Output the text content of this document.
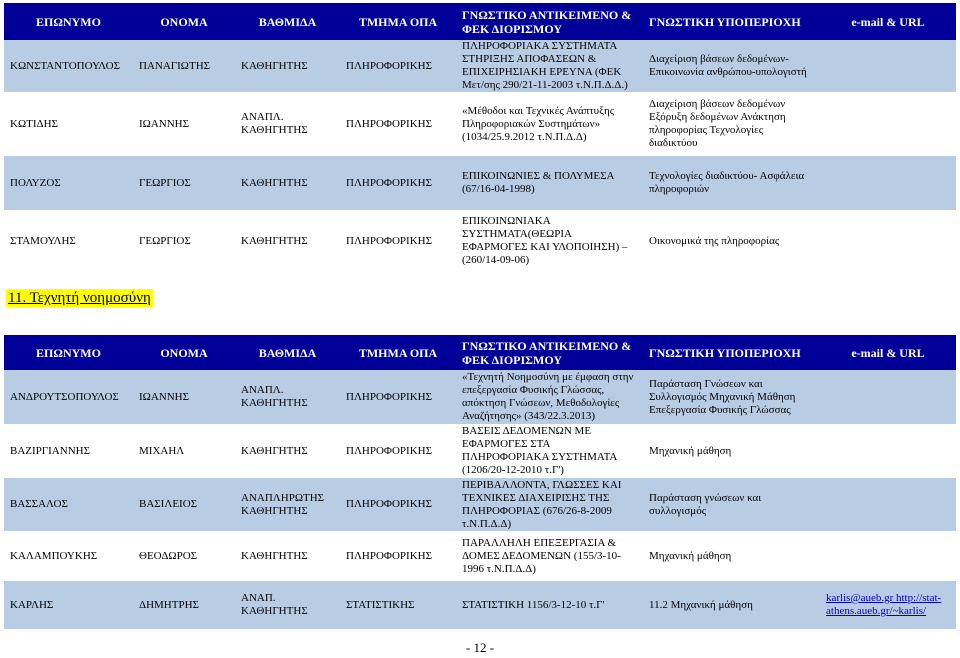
ΕΠΩΝΥΜΟ	ΟΝΟΜΑ	ΒΑΘΜΙΔΑ	ΤΜΗΜΑ ΟΠΑ	ΓΝΩΣΤΙΚΟ ΑΝΤΙΚΕΙΜΕΝΟ & ΦΕΚ ΔΙΟΡΙΣΜΟΥ	ΓΝΩΣΤΙΚΗ ΥΠΟΠΕΡΙΟΧΗ	e-mail & URL
ΚΩΝΣΤΑΝΤΟΠΟΥΛΟΣ	ΠΑΝΑΓΙΩΤΗΣ	ΚΑΘΗΓΗΤΗΣ	ΠΛΗΡΟΦΟΡΙΚΗΣ	ΠΛΗΡΟΦΟΡΙΑΚΑ ΣΥΣΤΗΜΑΤΑ ΣΤΗΡΙΞΗΣ ΑΠΟΦΑΣΕΩΝ & ΕΠΙΧΕΙΡΗΣΙΑΚΗ ΕΡΕΥΝΑ (ΦΕΚ Μετ/σης 290/21-11-2003 τ.Ν.Π.Δ.Δ.)	Διαχείριση βάσεων δεδομένων-Επικοινωνία ανθρώπου-υπολογιστή	
ΚΩΤΙΔΗΣ	ΙΩΑΝΝΗΣ	ΑΝΑΠΛ. ΚΑΘΗΓΗΤΗΣ	ΠΛΗΡΟΦΟΡΙΚΗΣ	«Μέθοδοι και Τεχνικές Ανάπτυξης Πληροφοριακών Συστημάτων» (1034/25.9.2012 τ.Ν.Π.Δ.Δ)	Διαχείριση βάσεων δεδομένων Εξόρυξη δεδομένων Ανάκτηση πληροφορίας Τεχνολογίες διαδικτύου	
ΠΟΛΥΖΟΣ	ΓΕΩΡΓΙΟΣ	ΚΑΘΗΓΗΤΗΣ	ΠΛΗΡΟΦΟΡΙΚΗΣ	ΕΠΙΚΟΙΝΩΝΙΕΣ & ΠΟΛΥΜΕΣΑ (67/16-04-1998)	Τεχνολογίες διαδικτύου- Ασφάλεια πληροφοριών	
ΣΤΑΜΟΥΛΗΣ	ΓΕΩΡΓΙΟΣ	ΚΑΘΗΓΗΤΗΣ	ΠΛΗΡΟΦΟΡΙΚΗΣ	ΕΠΙΚΟΙΝΩΝΙΑΚΑ ΣΥΣΤΗΜΑΤΑ(ΘΕΩΡΙΑ ΕΦΑΡΜΟΓΕΣ ΚΑΙ ΥΛΟΠΟΙΗΣΗ) – (260/14-09-06)	Οικονομικά της πληροφορίας	
11. Τεχνητή νοημοσύνη
ΕΠΩΝΥΜΟ	ΟΝΟΜΑ	ΒΑΘΜΙΔΑ	ΤΜΗΜΑ ΟΠΑ	ΓΝΩΣΤΙΚΟ ΑΝΤΙΚΕΙΜΕΝΟ & ΦΕΚ ΔΙΟΡΙΣΜΟΥ	ΓΝΩΣΤΙΚΗ ΥΠΟΠΕΡΙΟΧΗ	e-mail & URL
ΑΝΔΡΟΥΤΣΟΠΟΥΛΟΣ	ΙΩΑΝΝΗΣ	ΑΝΑΠΛ. ΚΑΘΗΓΗΤΗΣ	ΠΛΗΡΟΦΟΡΙΚΗΣ	«Τεχνητή Νοημοσύνη με έμφαση στην επεξεργασία Φυσικής Γλώσσας, απόκτηση Γνώσεων, Μεθοδολογίες Αναζήτησης» (343/22.3.2013)	Παράσταση Γνώσεων και Συλλογισμός Μηχανική Μάθηση Επεξεργασία Φυσικής Γλώσσας	
ΒΑΖΙΡΓΙΑΝΝΗΣ	ΜΙΧΑΗΛ	ΚΑΘΗΓΗΤΗΣ	ΠΛΗΡΟΦΟΡΙΚΗΣ	ΒΑΣΕΙΣ ΔΕΔΟΜΕΝΩΝ ΜΕ ΕΦΑΡΜΟΓΕΣ ΣΤΑ ΠΛΗΡΟΦΟΡΙΑΚΑ ΣΥΣΤΗΜΑΤΑ (1206/20-12-2010 τ.Γ')	Μηχανική μάθηση	
ΒΑΣΣΑΛΟΣ	ΒΑΣΙΛΕΙΟΣ	ΑΝΑΠΛΗΡΩΤΗΣ ΚΑΘΗΓΗΤΗΣ	ΠΛΗΡΟΦΟΡΙΚΗΣ	ΠΕΡΙΒΑΛΛΟΝΤΑ, ΓΛΩΣΣΕΣ ΚΑΙ ΤΕΧΝΙΚΕΣ ΔΙΑΧΕΙΡΙΣΗΣ ΤΗΣ ΠΛΗΡΟΦΟΡΙΑΣ (676/26-8-2009 τ.Ν.Π.Δ.Δ)	Παράσταση γνώσεων και συλλογισμός	
ΚΑΛΑΜΠΟΥΚΗΣ	ΘΕΟΔΩΡΟΣ	ΚΑΘΗΓΗΤΗΣ	ΠΛΗΡΟΦΟΡΙΚΗΣ	ΠΑΡΑΛΛΗΛΗ ΕΠΕΞΕΡΓΑΣΙΑ & ΔΟΜΕΣ ΔΕΔΟΜΕΝΩΝ (155/3-10-1996 τ.Ν.Π.Δ.Δ)	Μηχανική μάθηση	
ΚΑΡΛΗΣ	ΔΗΜΗΤΡΗΣ	ΑΝΑΠ. ΚΑΘΗΓΗΤΗΣ	ΣΤΑΤΙΣΤΙΚΗΣ	ΣΤΑΤΙΣΤΙΚΗ 1156/3-12-10 τ.Γ'	11.2 Μηχανική μάθηση	karlis@aueb.gr http://stat-athens.aueb.gr/~karlis/
- 12 -
